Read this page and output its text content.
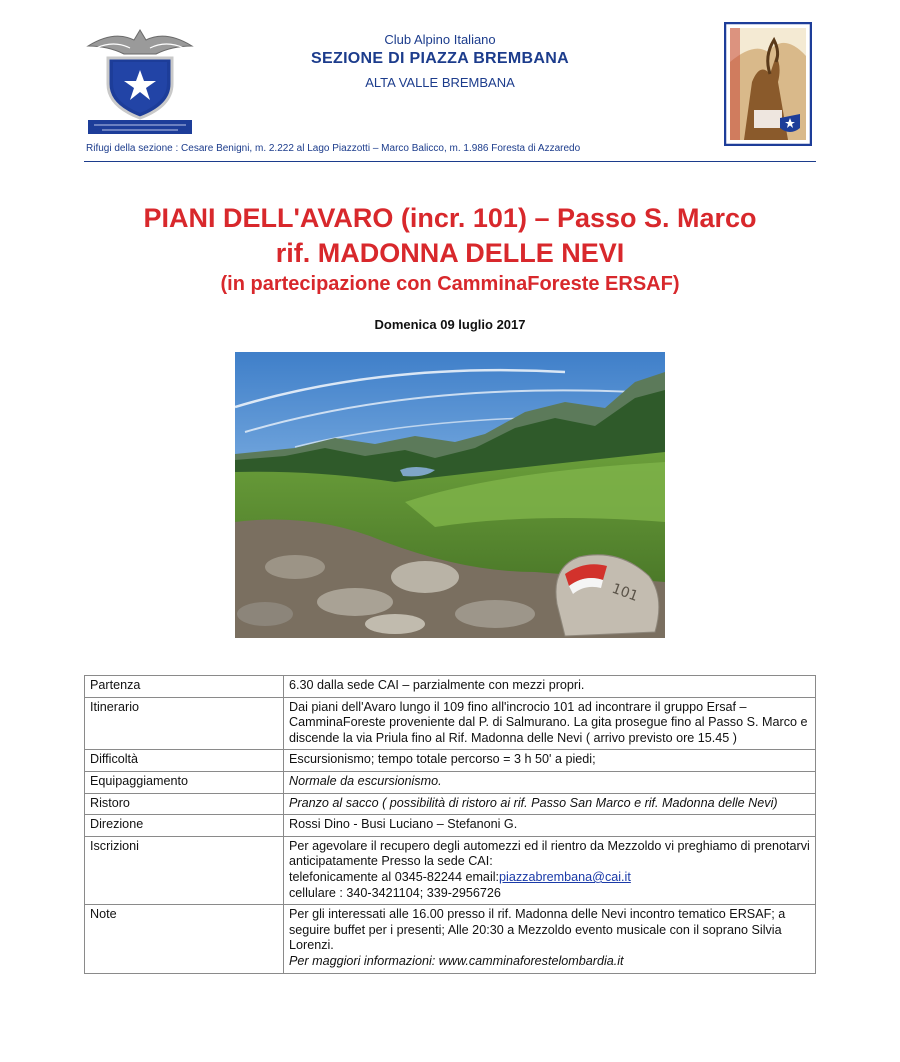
Club Alpino Italiano
SEZIONE DI PIAZZA BREMBANA
ALTA VALLE BREMBANA
Rifugi della sezione : Cesare Benigni, m. 2.222 al Lago Piazzotti – Marco Balicco, m. 1.986 Foresta di Azzaredo
PIANI DELL'AVARO (incr. 101) – Passo S. Marco
rif. MADONNA DELLE NEVI
(in partecipazione con CamminaForeste ERSAF)
Domenica 09 luglio 2017
101
Partenza	6.30 dalla sede CAI – parzialmente con mezzi propri.
Itinerario	Dai piani dell'Avaro lungo il 109 fino all'incrocio 101 ad incontrare il gruppo Ersaf – CamminaForeste proveniente dal P. di Salmurano. La gita prosegue fino al Passo S. Marco e discende la via Priula fino al Rif. Madonna delle Nevi ( arrivo previsto ore 15.45 )
Difficoltà	Escursionismo; tempo totale percorso = 3 h 50' a piedi;
Equipaggiamento	Normale da escursionismo.
Ristoro	Pranzo al sacco ( possibilità di ristoro ai rif. Passo San Marco e rif. Madonna delle Nevi)
Direzione	Rossi Dino - Busi Luciano – Stefanoni G.
Iscrizioni	Per agevolare il recupero degli automezzi ed il rientro da Mezzoldo vi preghiamo di prenotarvi anticipatamente Presso la sede CAI:
telefonicamente al 0345-82244 email:piazzabrembana@cai.it
cellulare : 340-3421104; 339-2956726

Note	Per gli interessati alle 16.00 presso il rif. Madonna delle Nevi incontro tematico ERSAF; a seguire buffet per i presenti; Alle 20:30 a Mezzoldo evento musicale con il soprano Silvia Lorenzi.
Per maggiori informazioni: www.camminaforestelombardia.it
